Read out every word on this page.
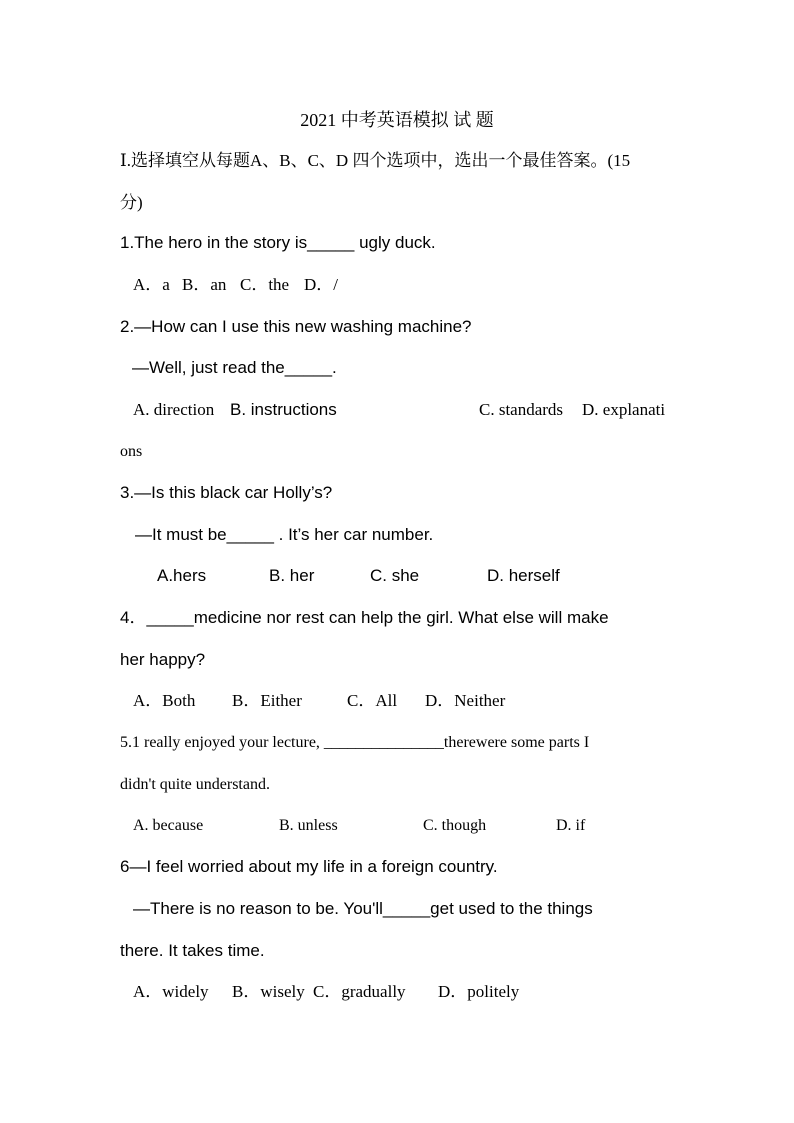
2021 中考英语模拟 试 题
Ⅰ.选择填空从每题A、B、C、D 四个选项中，选出一个最佳答案。(15
分)
1.The hero in the story is_____ ugly duck.
A．a B．an C．the D．/
2.—How can I use this new washing machine?
—Well, just read the_____.
A. direction B. instructions	C. standards D. explanati
ons
3.—Is this black car Holly’s?
—It must be_____ . It’s her car number.
A.hers	B. her	C. she	D. herself
4．_____medicine nor rest can help the girl. What else will make
her happy?
A．Both B．Either	C．All D．Neither
5.1 really enjoyed your lecture, _______________therewere some parts I
didn't quite understand.
A. because	B. unless	C. though	D. if
6—I feel worried about my life in a foreign country.
—There is no reason to be. You'll_____get used to the things
there. It takes time.
A．widely B．wisely C．gradually D．politely
